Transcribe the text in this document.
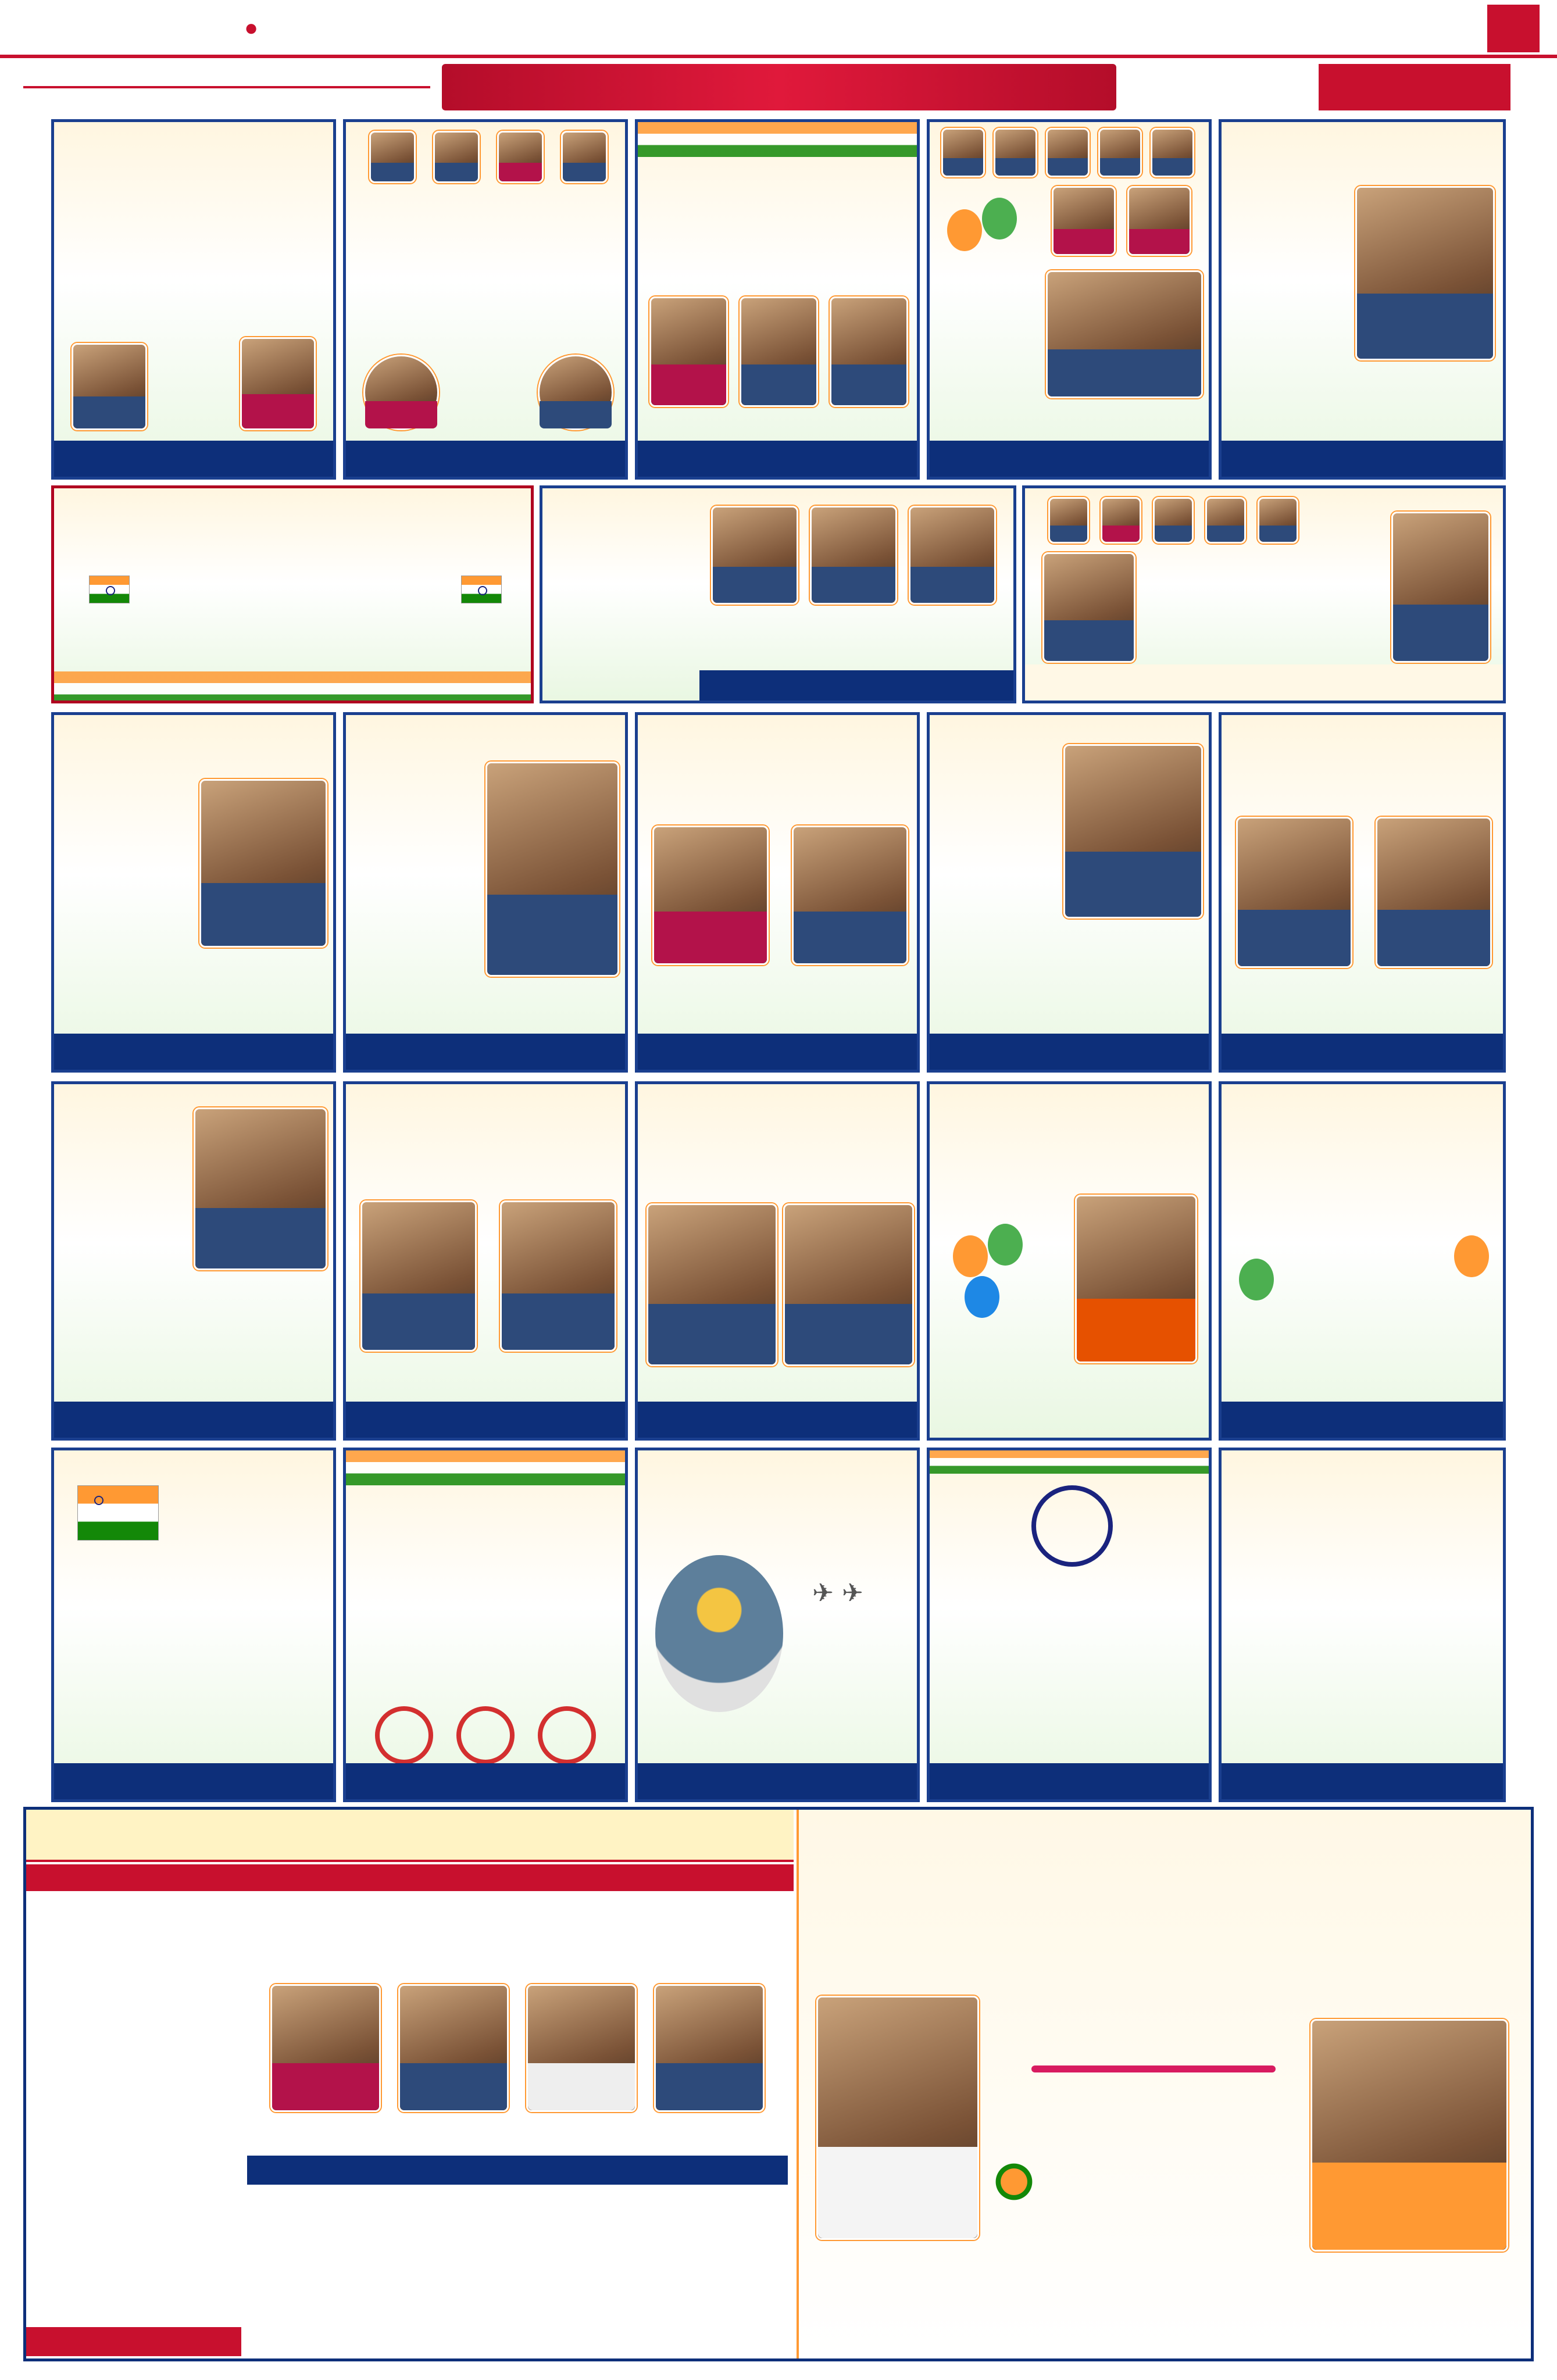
●
✈ ✈
